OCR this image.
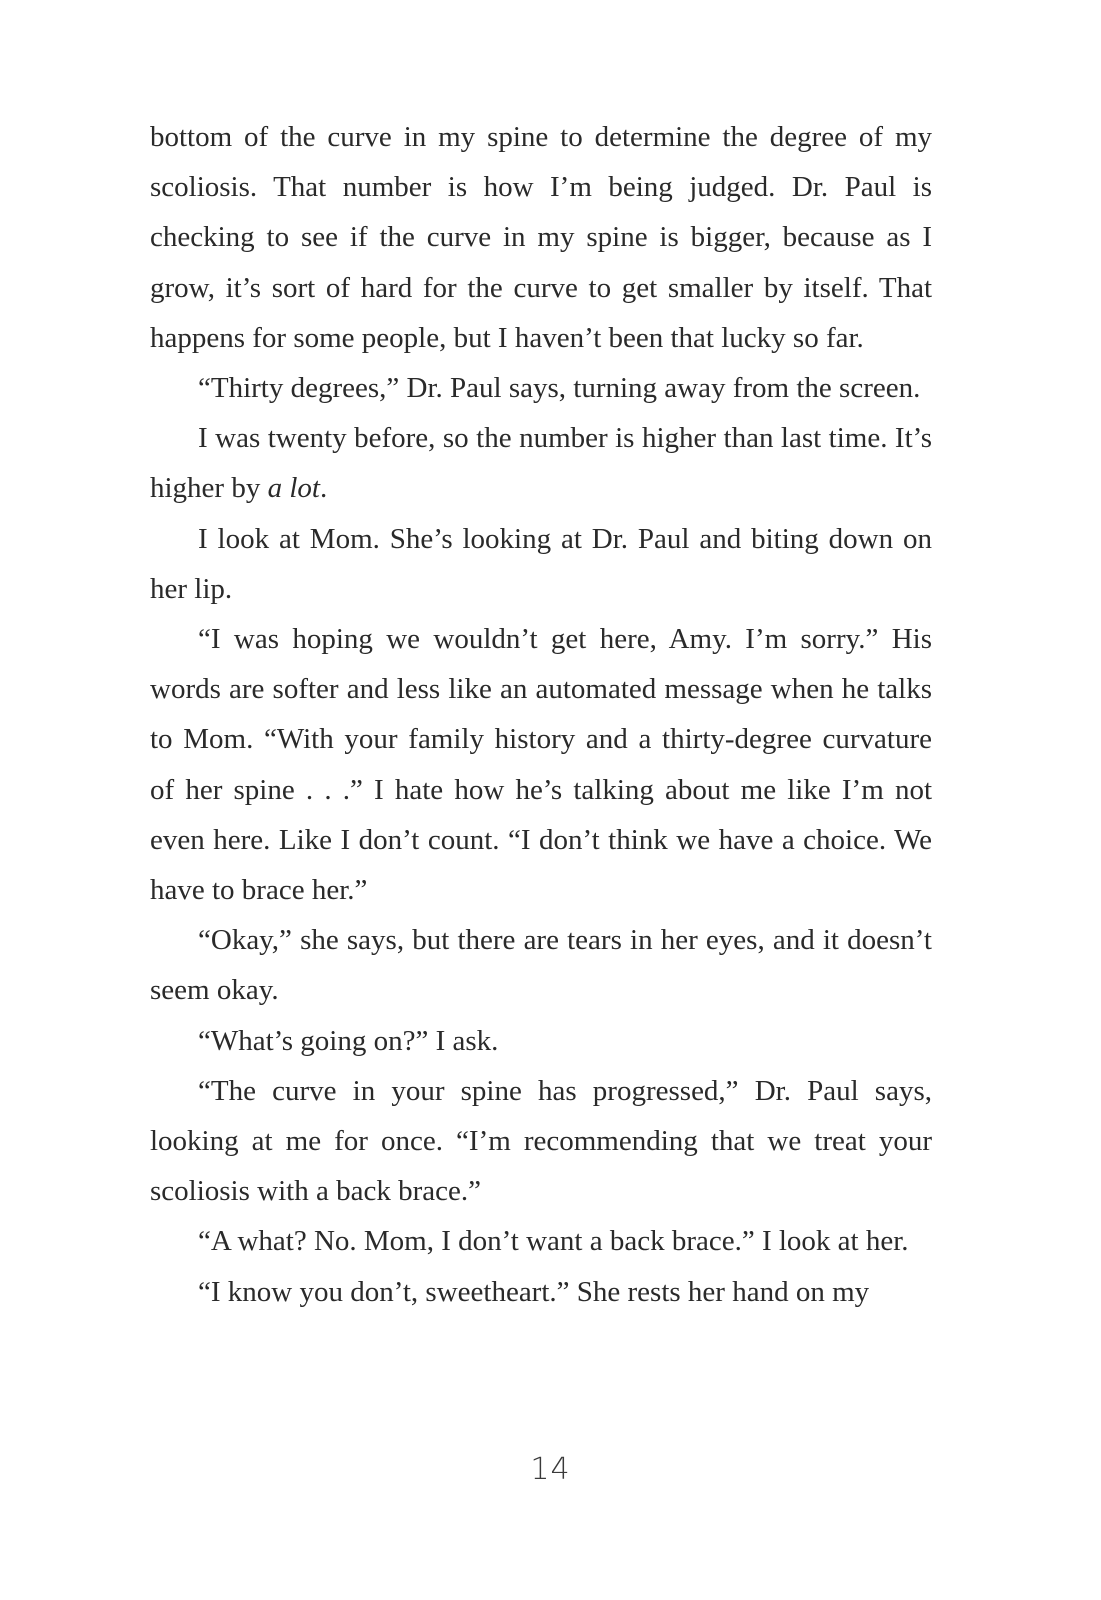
bottom of the curve in my spine to determine the degree of my scoliosis. That number is how I’m being judged. Dr. Paul is checking to see if the curve in my spine is bigger, because as I grow, it’s sort of hard for the curve to get smaller by itself. That happens for some people, but I haven’t been that lucky so far.

“Thirty degrees,” Dr. Paul says, turning away from the screen.

I was twenty before, so the number is higher than last time. It’s higher by a lot.

I look at Mom. She’s looking at Dr. Paul and biting down on her lip.

“I was hoping we wouldn’t get here, Amy. I’m sorry.” His words are softer and less like an automated message when he talks to Mom. “With your family history and a thirty-degree curvature of her spine . . .” I hate how he’s talking about me like I’m not even here. Like I don’t count. “I don’t think we have a choice. We have to brace her.”

“Okay,” she says, but there are tears in her eyes, and it doesn’t seem okay.

“What’s going on?” I ask.

“The curve in your spine has progressed,” Dr. Paul says, looking at me for once. “I’m recommending that we treat your scoliosis with a back brace.”

“A what? No. Mom, I don’t want a back brace.” I look at her.

“I know you don’t, sweetheart.” She rests her hand on my

14
